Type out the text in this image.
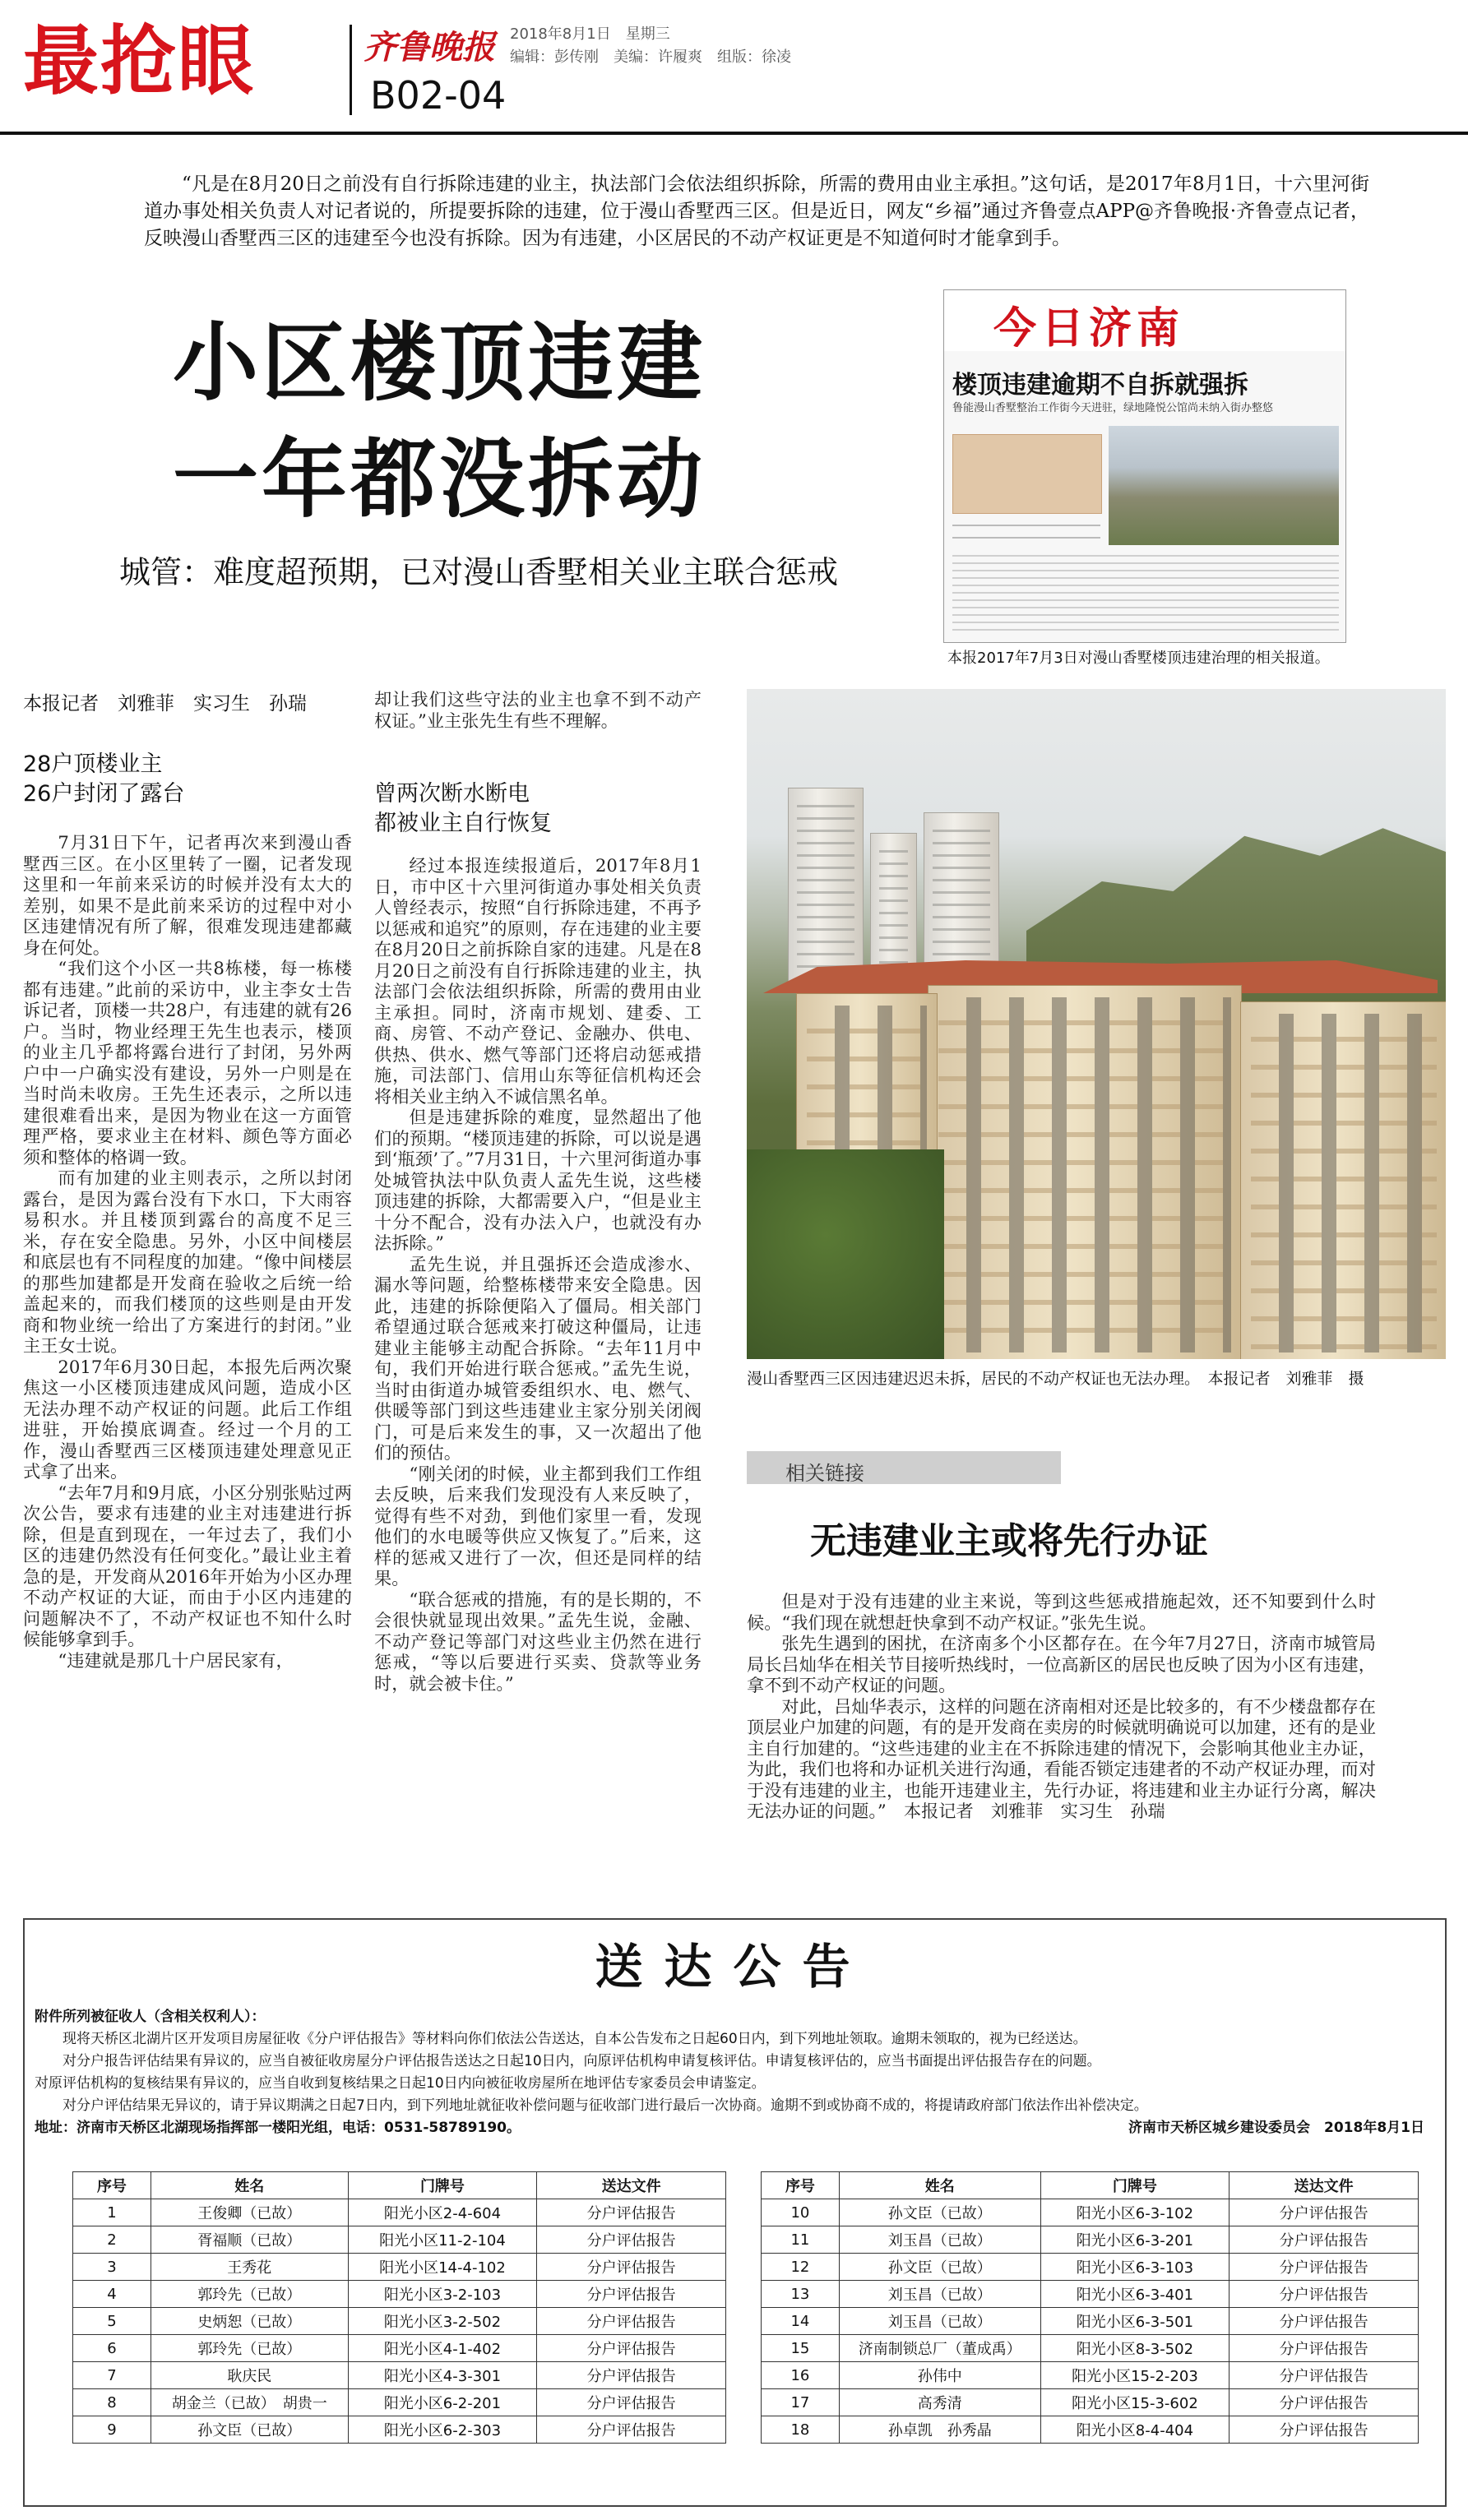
最抢眼	齐鲁晚报
B02-04
2018年8月1日　星期三
编辑：彭传刚　美编：许履爽　组版：徐凌
“凡是在8月20日之前没有自行拆除违建的业主，执法部门会依法组织拆除，所需的费用由业主承担。”这句话，是2017年8月1日，十六里河街道办事处相关负责人对记者说的，所提要拆除的违建，位于漫山香墅西三区。但是近日，网友“乡福”通过齐鲁壹点APP@齐鲁晚报·齐鲁壹点记者，反映漫山香墅西三区的违建至今也没有拆除。因为有违建，小区居民的不动产权证更是不知道何时才能拿到手。
小区楼顶违建
一年都没拆动
城管：难度超预期，已对漫山香墅相关业主联合惩戒
今日济南
楼顶违建逾期不自拆就强拆
鲁能漫山香墅整治工作街今天进驻，绿地隆悦公馆尚未纳入街办整悠
本报2017年7月3日对漫山香墅楼顶违建治理的相关报道。
本报记者　刘雅菲　实习生　孙瑞
28户顶楼业主
26户封闭了露台

7月31日下午，记者再次来到漫山香墅西三区。在小区里转了一圈，记者发现这里和一年前来采访的时候并没有太大的差别，如果不是此前来采访的过程中对小区违建情况有所了解，很难发现违建都藏身在何处。

“我们这个小区一共8栋楼，每一栋楼都有违建。”此前的采访中，业主李女士告诉记者，顶楼一共28户，有违建的就有26户。当时，物业经理王先生也表示，楼顶的业主几乎都将露台进行了封闭，另外两户中一户确实没有建设，另外一户则是在当时尚未收房。王先生还表示，之所以违建很难看出来，是因为物业在这一方面管理严格，要求业主在材料、颜色等方面必须和整体的格调一致。

而有加建的业主则表示，之所以封闭露台，是因为露台没有下水口，下大雨容易积水。并且楼顶到露台的高度不足三米，存在安全隐患。另外，小区中间楼层和底层也有不同程度的加建。“像中间楼层的那些加建都是开发商在验收之后统一给盖起来的，而我们楼顶的这些则是由开发商和物业统一给出了方案进行的封闭。”业主王女士说。

2017年6月30日起，本报先后两次聚焦这一小区楼顶违建成风问题，造成小区无法办理不动产权证的问题。此后工作组进驻，开始摸底调查。经过一个月的工作，漫山香墅西三区楼顶违建处理意见正式拿了出来。

“去年7月和9月底，小区分别张贴过两次公告，要求有违建的业主对违建进行拆除，但是直到现在，一年过去了，我们小区的违建仍然没有任何变化。”最让业主着急的是，开发商从2016年开始为小区办理不动产权证的大证，而由于小区内违建的问题解决不了，不动产权证也不知什么时候能够拿到手。

“违建就是那几十户居民家有，

却让我们这些守法的业主也拿不到不动产权证。”业主张先生有些不理解。

曾两次断水断电
都被业主自行恢复

经过本报连续报道后，2017年8月1日，市中区十六里河街道办事处相关负责人曾经表示，按照“自行拆除违建，不再予以惩戒和追究”的原则，存在违建的业主要在8月20日之前拆除自家的违建。凡是在8月20日之前没有自行拆除违建的业主，执法部门会依法组织拆除，所需的费用由业主承担。同时，济南市规划、建委、工商、房管、不动产登记、金融办、供电、供热、供水、燃气等部门还将启动惩戒措施，司法部门、信用山东等征信机构还会将相关业主纳入不诚信黑名单。

但是违建拆除的难度，显然超出了他们的预期。“楼顶违建的拆除，可以说是遇到‘瓶颈’了。”7月31日，十六里河街道办事处城管执法中队负责人孟先生说，这些楼顶违建的拆除，大都需要入户，“但是业主十分不配合，没有办法入户，也就没有办法拆除。”

孟先生说，并且强拆还会造成渗水、漏水等问题，给整栋楼带来安全隐患。因此，违建的拆除便陷入了僵局。相关部门希望通过联合惩戒来打破这种僵局，让违建业主能够主动配合拆除。“去年11月中旬，我们开始进行联合惩戒。”孟先生说，当时由街道办城管委组织水、电、燃气、供暖等部门到这些违建业主家分别关闭阀门，可是后来发生的事，又一次超出了他们的预估。

“刚关闭的时候，业主都到我们工作组去反映，后来我们发现没有人来反映了，觉得有些不对劲，到他们家里一看，发现他们的水电暖等供应又恢复了。”后来，这样的惩戒又进行了一次，但还是同样的结果。

“联合惩戒的措施，有的是长期的，不会很快就显现出效果。”孟先生说，金融、不动产登记等部门对这些业主仍然在进行惩戒，“等以后要进行买卖、贷款等业务时，就会被卡住。”

漫山香墅西三区因违建迟迟未拆，居民的不动产权证也无法办理。　本报记者　刘雅菲　摄
相关链接
无违建业主或将先行办证

但是对于没有违建的业主来说，等到这些惩戒措施起效，还不知要到什么时候。“我们现在就想赶快拿到不动产权证。”张先生说。

张先生遇到的困扰，在济南多个小区都存在。在今年7月27日，济南市城管局局长吕灿华在相关节目接听热线时，一位高新区的居民也反映了因为小区有违建，拿不到不动产权证的问题。

对此，吕灿华表示，这样的问题在济南相对还是比较多的，有不少楼盘都存在顶层业户加建的问题，有的是开发商在卖房的时候就明确说可以加建，还有的是业主自行加建的。“这些违建的业主在不拆除违建的情况下，会影响其他业主办证，为此，我们也将和办证机关进行沟通，看能否锁定违建者的不动产权证办理，而对于没有违建的业主，也能开违建业主，先行办证，将违建和业主办证行分离，解决无法办证的问题。”　本报记者　刘雅菲　实习生　孙瑞

送达公告

附件所列被征收人（含相关权利人）：

现将天桥区北湖片区开发项目房屋征收《分户评估报告》等材料向你们依法公告送达，自本公告发布之日起60日内，到下列地址领取。逾期未领取的，视为已经送达。

对分户报告评估结果有异议的，应当自被征收房屋分户评估报告送达之日起10日内，向原评估机构申请复核评估。申请复核评估的，应当书面提出评估报告存在的问题。

对原评估机构的复核结果有异议的，应当自收到复核结果之日起10日内向被征收房屋所在地评估专家委员会申请鉴定。

对分户评估结果无异议的，请于异议期满之日起7日内，到下列地址就征收补偿问题与征收部门进行最后一次协商。逾期不到或协商不成的，将提请政府部门依法作出补偿决定。

地址：济南市天桥区北湖现场指挥部一楼阳光组，电话：0531-58789190。	济南市天桥区城乡建设委员会　2018年8月1日
序号	姓名	门牌号	送达文件
1	王俊卿（已故）	阳光小区2-4-604	分户评估报告
2	胥福顺（已故）	阳光小区11-2-104	分户评估报告
3	王秀花	阳光小区14-4-102	分户评估报告
4	郭玲先（已故）	阳光小区3-2-103	分户评估报告
5	史炳恕（已故）	阳光小区3-2-502	分户评估报告
6	郭玲先（已故）	阳光小区4-1-402	分户评估报告
7	耿庆民	阳光小区4-3-301	分户评估报告
8	胡金兰（已故）　胡贵一	阳光小区6-2-201	分户评估报告
9	孙文臣（已故）	阳光小区6-2-303	分户评估报告
序号	姓名	门牌号	送达文件
10	孙文臣（已故）	阳光小区6-3-102	分户评估报告
11	刘玉昌（已故）	阳光小区6-3-201	分户评估报告
12	孙文臣（已故）	阳光小区6-3-103	分户评估报告
13	刘玉昌（已故）	阳光小区6-3-401	分户评估报告
14	刘玉昌（已故）	阳光小区6-3-501	分户评估报告
15	济南制锁总厂（董成禹）	阳光小区8-3-502	分户评估报告
16	孙伟中	阳光小区15-2-203	分户评估报告
17	高秀清	阳光小区15-3-602	分户评估报告
18	孙卓凯　孙秀晶	阳光小区8-4-404	分户评估报告
